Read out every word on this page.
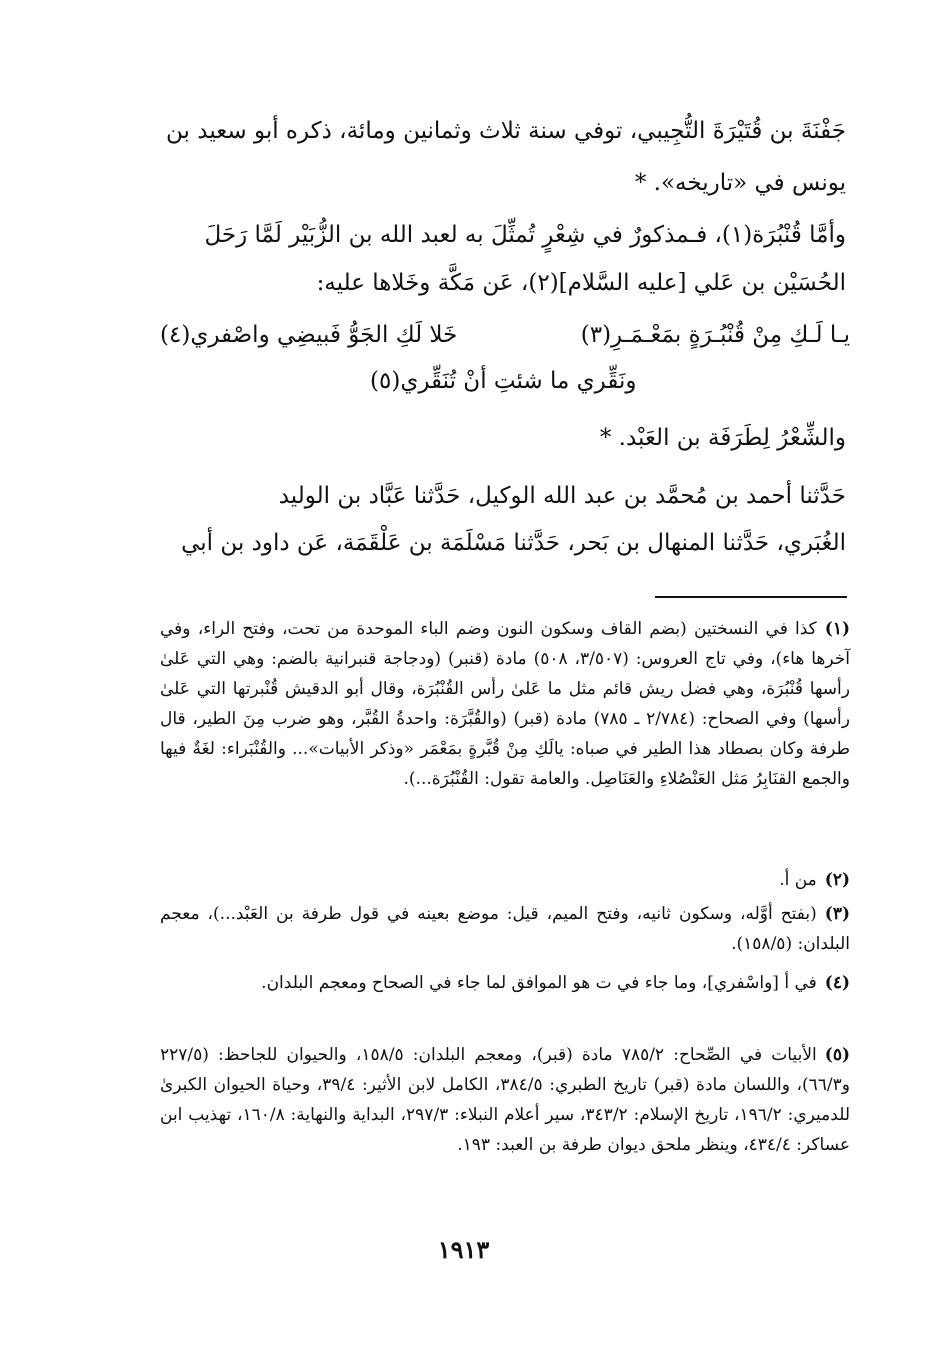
جَفْنَةَ بن قُتَيْرَةَ التُّجِيبي، توفي سنة ثلاث وثمانين ومائة، ذكره أبو سعيد بن
يونس في «تاريخه». *
وأمَّا قُنْبُرَة(١)، فـمذكورٌ في شِعْرٍ تُمثِّلَ به لعبد الله بن الزُّبَيْر لَمَّا رَحَلَ
الحُسَيْن بن عَلي [عليه السَّلام](٢)، عَن مَكَّة وخَلاها عليه:
يـا لَـكِ مِنْ قُنْبُـرَةٍ بمَعْـمَـرِ(٣)
خَلا لَكِ الجَوُّ فَبيضِي واصْفري(٤)
ونَقِّري ما شئتِ أنْ تُنَقِّري(٥)
والشِّعْرُ لِطَرَفَة بن العَبْد. *
حَدَّثنا أحمد بن مُحمَّد بن عبد الله الوكيل، حَدَّثنا عَبَّاد بن الوليد
الغُبَري، حَدَّثنا المنهال بن بَحر، حَدَّثنا مَسْلَمَة بن عَلْقَمَة، عَن داود بن أبي
(١)كذا في النسختين (بضم القاف وسكون النون وضم الباء الموحدة من تحت، وفتح الراء، وفي آخرها هاء)، وفي تاج العروس: (٣/٥٠٧، ٥٠٨) مادة (قنبر) (ودجاجة قنبرانية بالضم: وهي التي عَلىٰ رأسها قُنْبُرَة، وهي فضل ريش قائم مثل ما عَلىٰ رأس القُنْبُرَة، وقال أبو الدقيش قُنْبرتها التي عَلىٰ رأسها) وفي الصحاح: (٢/٧٨٤ ـ ٧٨٥) مادة (قبر) (والقُبَّرَة: واحدةُ القُبَّر، وهو ضرب مِنَ الطير، قال طرفة وكان بصطاد هذا الطير في صباه: يالَكِ مِنْ قُبَّرةٍ بمَعْمَر «وذكر الأبيات»... والقُنْبَراء: لغَةٌ فيها والجمع القنَابِرُ مَثل العَنْصُلاءِ والعَنَاصِل. والعامة تقول: القُنْبُرَة...).
(٢)من أ.
(٣)(بفتح أوَّله، وسكون ثانيه، وفتح الميم، قيل: موضع بعينه في قول طرفة بن العَبْد...)، معجم البلدان: (١٥٨/٥).
(٤)في أ [واسْفري]، وما جاء في ت هو الموافق لما جاء في الصحاح ومعجم البلدان.
(٥)الأبيات في الصِّحاح: ٧٨٥/٢ مادة (قبر)، ومعجم البلدان: ١٥٨/٥، والحيوان للجاحظ: (٢٢٧/٥ و٦٦/٣)، واللسان مادة (قبر) تاريخ الطبري: ٣٨٤/٥، الكامل لابن الأثير: ٣٩/٤، وحياة الحيوان الكبرىٰ للدميري: ١٩٦/٢، تاريخ الإسلام: ٣٤٣/٢، سير أعلام النبلاء: ٢٩٧/٣، البداية والنهاية: ١٦٠/٨، تهذيب ابن عساكر: ٤٣٤/٤، وينظر ملحق ديوان طرفة بن العبد: ١٩٣.
١٩١٣
